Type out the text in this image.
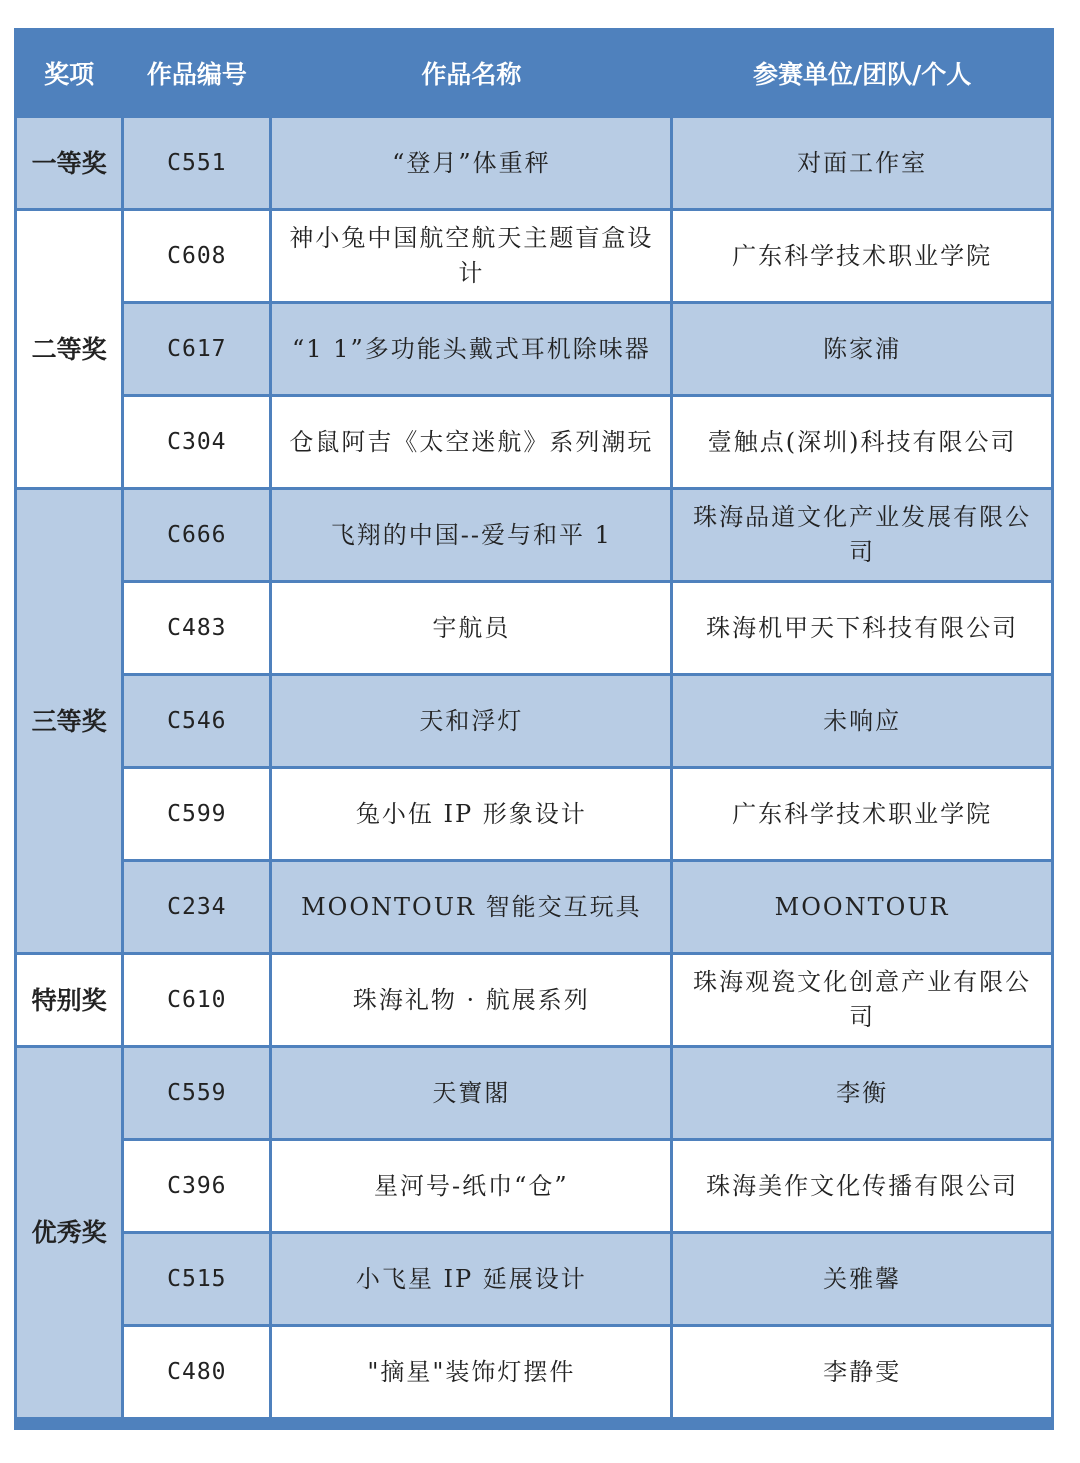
奖项	作品编号	作品名称	参赛单位/团队/个人
一等奖	C551	“登月”体重秤	对面工作室
二等奖	C608	神小兔中国航空航天主题盲盒设计	广东科学技术职业学院
	C617	“1 1”多功能头戴式耳机除味器	陈家浦
	C304	仓鼠阿吉《太空迷航》系列潮玩	壹触点(深圳)科技有限公司
三等奖	C666	飞翔的中国--爱与和平 1	珠海品道文化产业发展有限公司
	C483	宇航员	珠海机甲天下科技有限公司
	C546	天和浮灯	未响应
	C599	兔小伍 IP 形象设计	广东科学技术职业学院
	C234	MOONTOUR 智能交互玩具	MOONTOUR
特别奖	C610	珠海礼物 · 航展系列	珠海观瓷文化创意产业有限公司
优秀奖	C559	天寶閣	李衡
	C396	星河号-纸巾“仓”	珠海美作文化传播有限公司
	C515	小飞星 IP 延展设计	关雅馨
	C480	"摘星"装饰灯摆件	李静雯
